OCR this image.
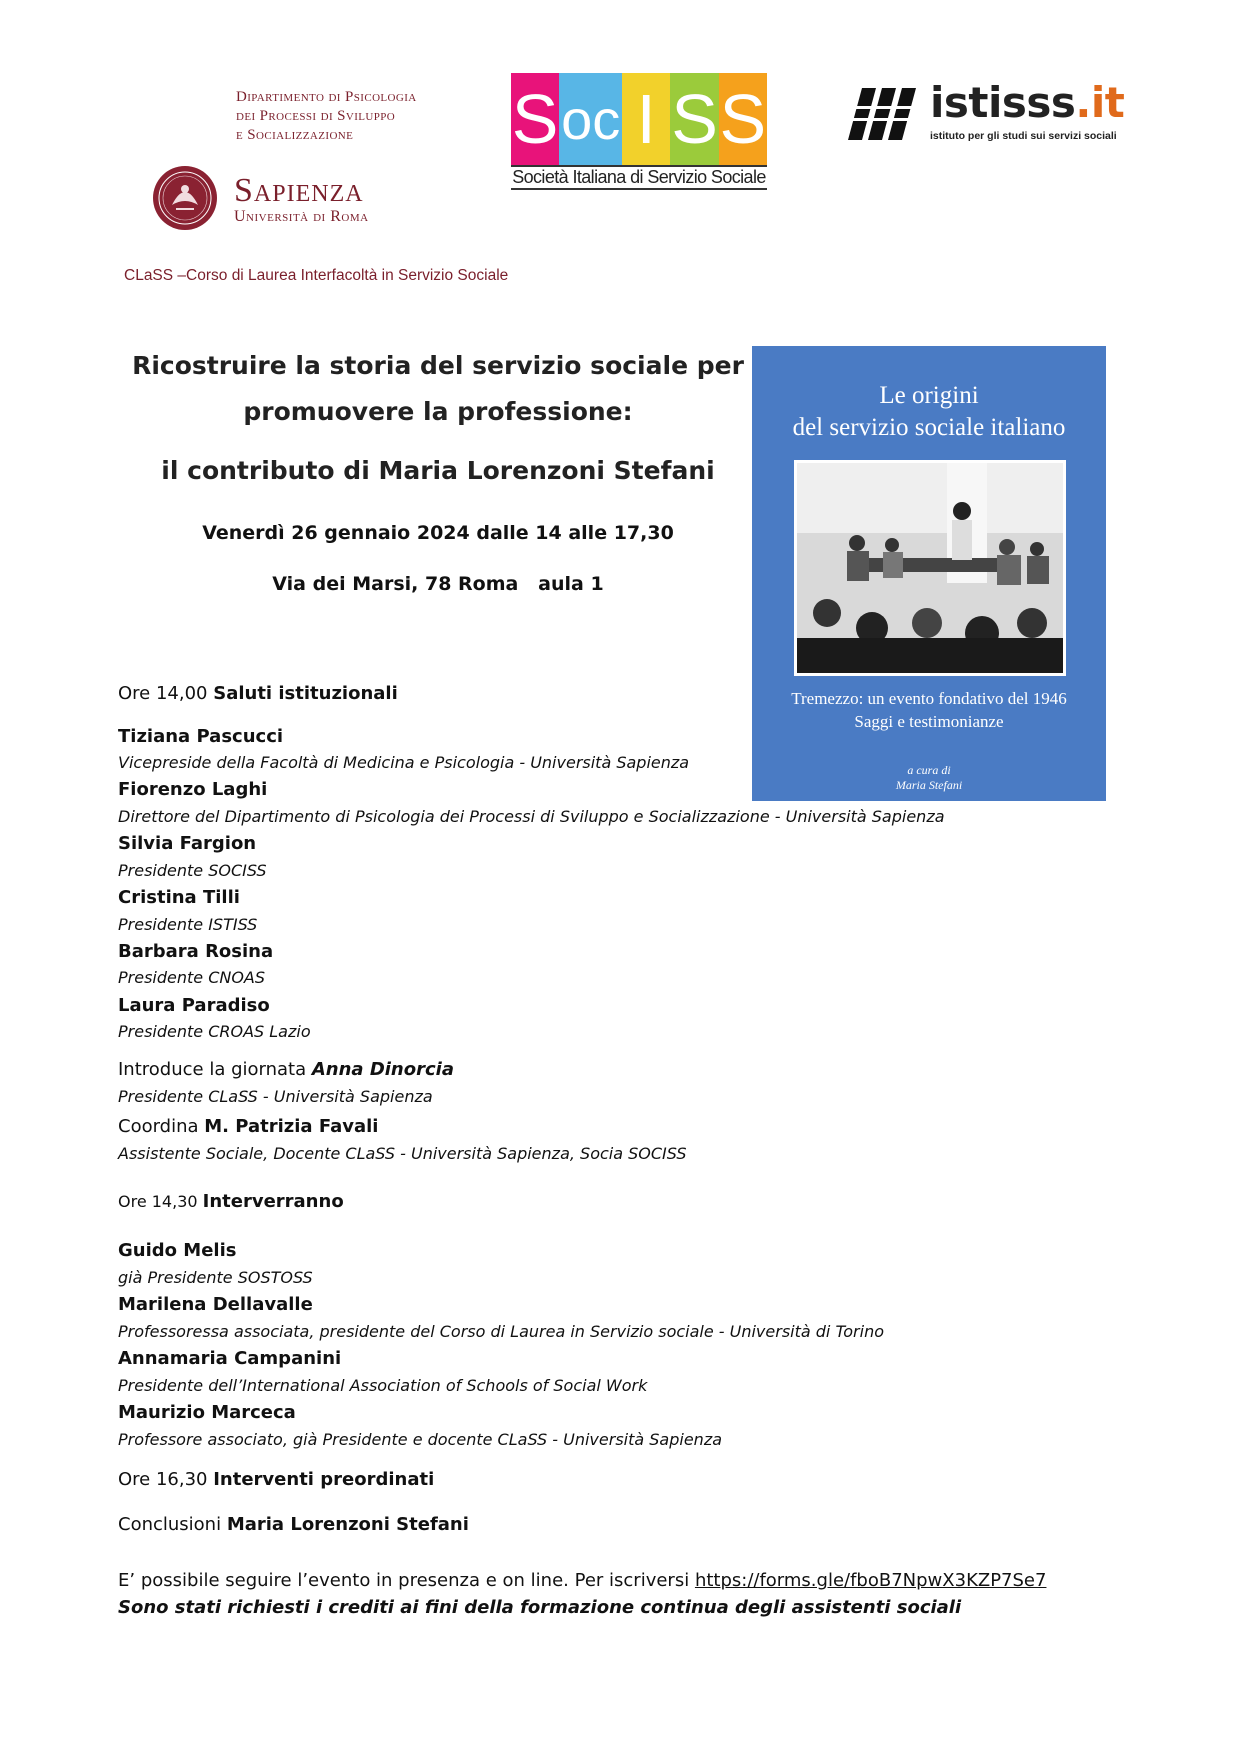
Dipartimento di Psicologia
dei Processi di Sviluppo
e Socializzazione
Sapienza
Università di Roma
S oc I S S
Società Italiana di Servizio Sociale
istisss.it
istituto per gli studi sui servizi sociali
CLaSS –Corso di Laurea Interfacoltà in Servizio Sociale
Ricostruire la storia del servizio sociale per
promuovere la professione:
il contributo di Maria Lorenzoni Stefani
Venerdì 26 gennaio 2024 dalle 14 alle 17,30
Via dei Marsi, 78 Roma   aula 1
Le origini
del servizio sociale italiano
Tremezzo: un evento fondativo del 1946
Saggi e testimonianze
a cura di
Maria Stefani
Ore 14,00 Saluti istituzionali
Tiziana Pascucci
Vicepreside della Facoltà di Medicina e Psicologia - Università Sapienza
Fiorenzo Laghi
Direttore del Dipartimento di Psicologia dei Processi di Sviluppo e Socializzazione - Università Sapienza
Silvia Fargion
Presidente SOCISS
Cristina Tilli
Presidente ISTISS
Barbara Rosina
Presidente CNOAS
Laura Paradiso
Presidente CROAS Lazio
Introduce la giornata Anna Dinorcia
Presidente CLaSS - Università Sapienza
Coordina M. Patrizia Favali
Assistente Sociale, Docente CLaSS - Università Sapienza, Socia SOCISS
Ore 14,30 Interverranno
Guido Melis
già Presidente SOSTOSS
Marilena Dellavalle
Professoressa associata, presidente del Corso di Laurea in Servizio sociale - Università di Torino
Annamaria Campanini
Presidente dell’International Association of Schools of Social Work
Maurizio Marceca
Professore associato, già Presidente e docente CLaSS - Università Sapienza
Ore 16,30 Interventi preordinati
Conclusioni Maria Lorenzoni Stefani
E’ possibile seguire l’evento in presenza e on line. Per iscriversi https://forms.gle/fboB7NpwX3KZP7Se7
Sono stati richiesti i crediti ai fini della formazione continua degli assistenti sociali
